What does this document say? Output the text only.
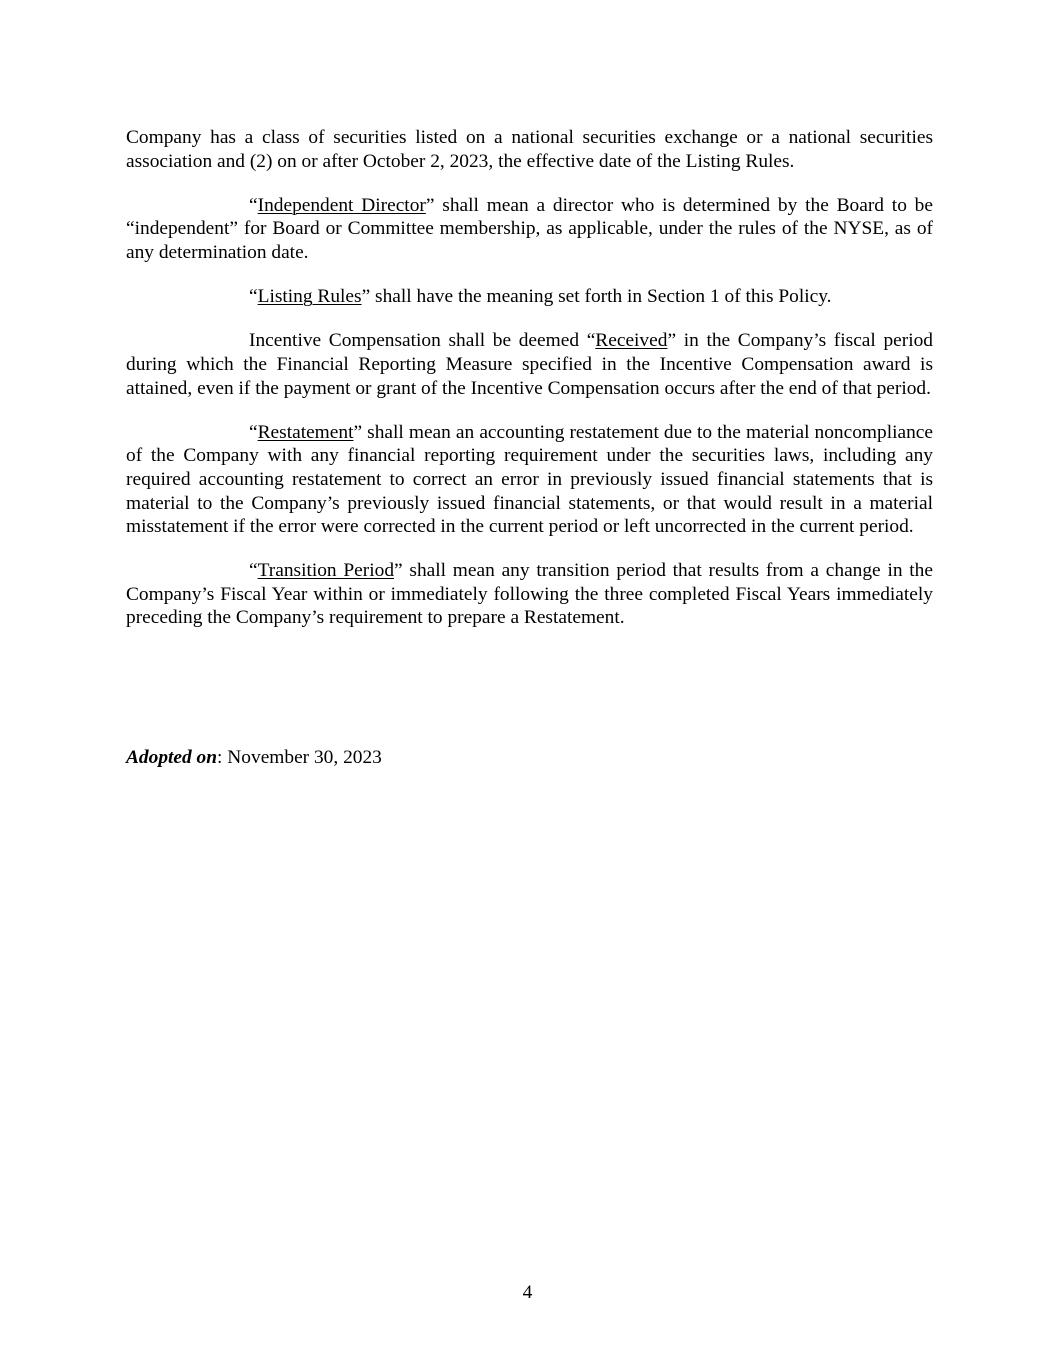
Company has a class of securities listed on a national securities exchange or a national securities association and (2) on or after October 2, 2023, the effective date of the Listing Rules.

“Independent Director” shall mean a director who is determined by the Board to be “independent” for Board or Committee membership, as applicable, under the rules of the NYSE, as of any determination date.

“Listing Rules” shall have the meaning set forth in Section 1 of this Policy.

Incentive Compensation shall be deemed “Received” in the Company’s fiscal period during which the Financial Reporting Measure specified in the Incentive Compensation award is attained, even if the payment or grant of the Incentive Compensation occurs after the end of that period.

“Restatement” shall mean an accounting restatement due to the material noncompliance of the Company with any financial reporting requirement under the securities laws, including any required accounting restatement to correct an error in previously issued financial statements that is material to the Company’s previously issued financial statements, or that would result in a material misstatement if the error were corrected in the current period or left uncorrected in the current period.

“Transition Period” shall mean any transition period that results from a change in the Company’s Fiscal Year within or immediately following the three completed Fiscal Years immediately preceding the Company’s requirement to prepare a Restatement.

Adopted on: November 30, 2023

4
